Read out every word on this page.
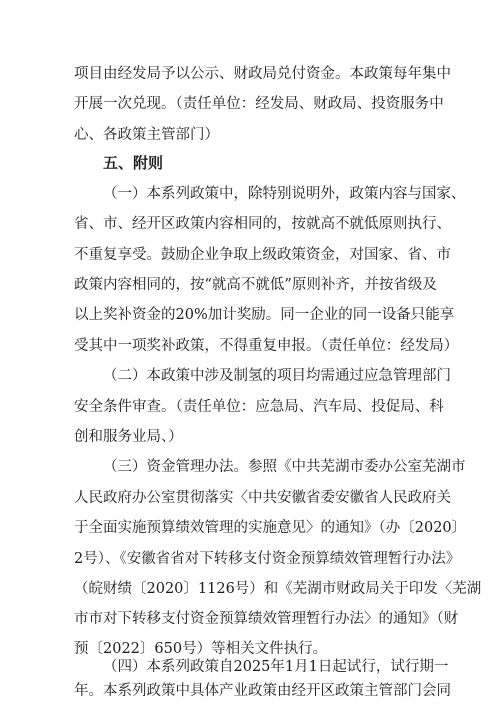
项目由经发局予以公示、财政局兑付资金。本政策每年集中
开展一次兑现。（责任单位：经发局、财政局、投资服务中
心、各政策主管部门）
五、附则
（一）本系列政策中，除特别说明外，政策内容与国家、
省、市、经开区政策内容相同的，按就高不就低原则执行、
不重复享受。鼓励企业争取上级政策资金，对国家、省、市
政策内容相同的，按“就高不就低”原则补齐，并按省级及
以上奖补资金的20%加计奖励。同一企业的同一设备只能享
受其中一项奖补政策，不得重复申报。（责任单位：经发局）
（二）本政策中涉及制氢的项目均需通过应急管理部门
安全条件审查。（责任单位：应急局、汽车局、投促局、科
创和服务业局、）
（三）资金管理办法。参照《中共芜湖市委办公室芜湖市
人民政府办公室贯彻落实〈中共安徽省委安徽省人民政府关
于全面实施预算绩效管理的实施意见〉的通知》（办〔2020〕
2号）、《安徽省省对下转移支付资金预算绩效管理暂行办法》
（皖财绩〔2020〕1126号）和《芜湖市财政局关于印发〈芜湖
市市对下转移支付资金预算绩效管理暂行办法〉的通知》（财
预〔2022〕650号）等相关文件执行。
（四）本系列政策自2025年1月1日起试行，试行期一
年。本系列政策中具体产业政策由经开区政策主管部门会同
